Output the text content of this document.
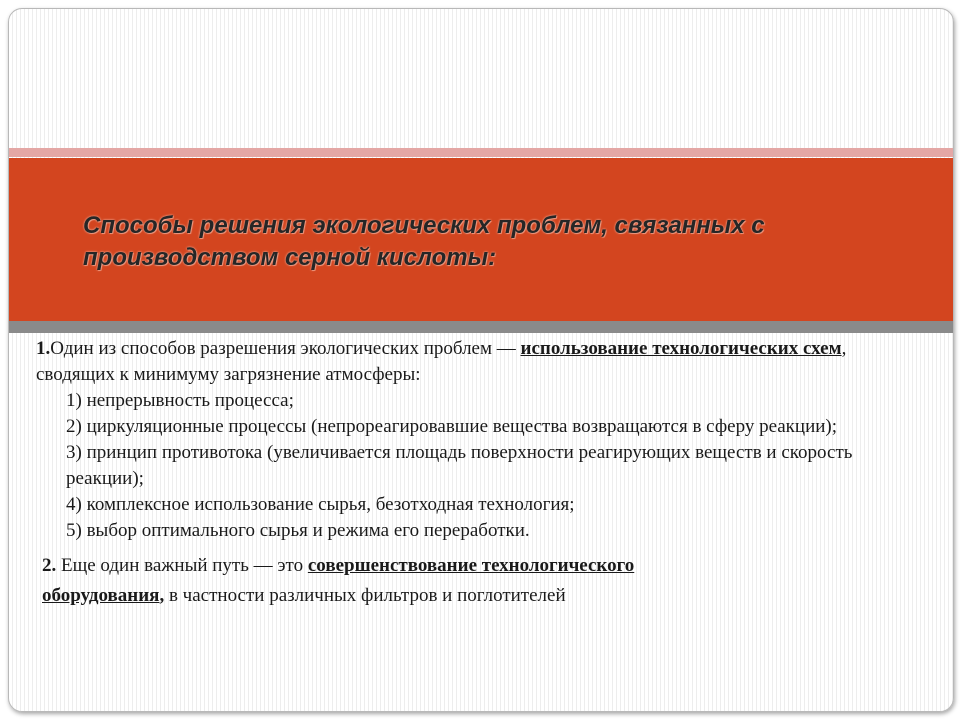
Способы решения экологических проблем, связанных с производством серной кислоты:

1.Один из способов разрешения экологических проблем — использование технологических схем, сводящих к минимуму загрязнение атмосферы:

1) непрерывность процесса;

2) циркуляционные процессы (непрореагировавшие вещества возвращаются в сферу реакции);

3) принцип противотока (увеличивается площадь поверхности реагирующих веществ и скорость реакции);

4) комплексное использование сырья, безотходная технология;

5) выбор оптимального сырья и режима его переработки.

2. Еще один важный путь — это совершенствование технологического

оборудования, в частности различных фильтров и поглотителей
